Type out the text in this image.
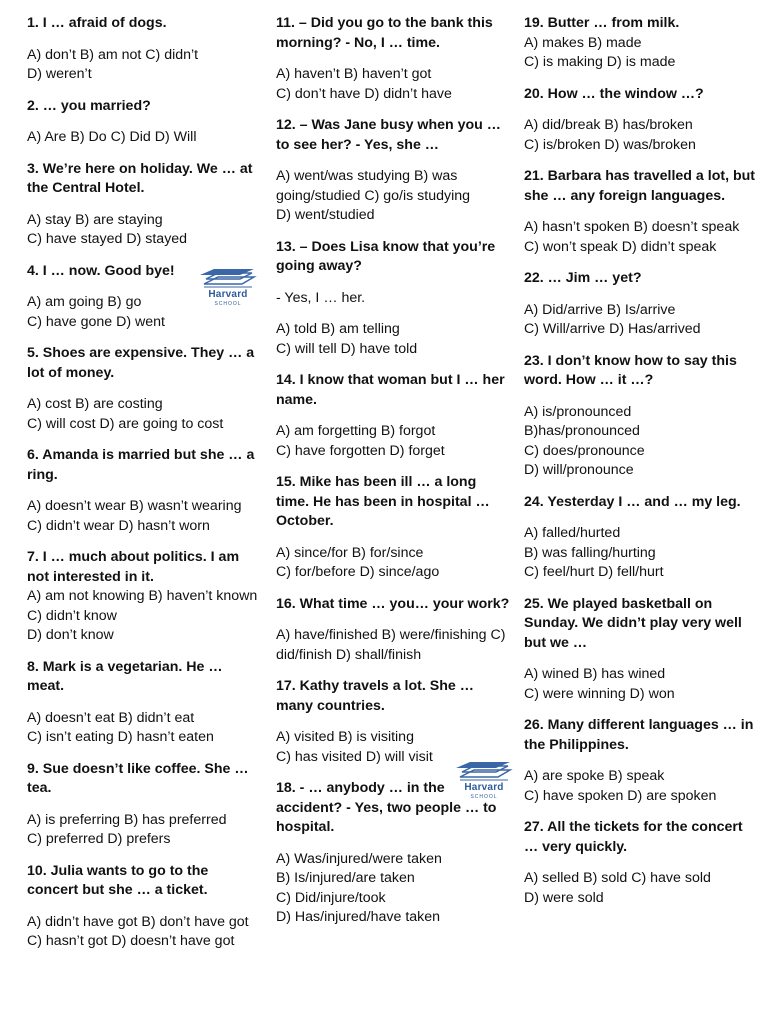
1. I … afraid of dogs.

A) don’t B) am not C) didn’t
D) weren’t

2. … you married?

A) Are B) Do C) Did D) Will

3. We’re here on holiday. We … at the Central Hotel.

A) stay B) are staying
C) have stayed D) stayed

4. I … now. Good bye!

A) am going B) go
C) have gone D) went

5. Shoes are expensive. They … a lot of money.

A) cost B) are costing
C) will cost D) are going to cost

6. Amanda is married but she … a ring.

A) doesn’t wear B) wasn’t wearing C) didn’t wear D) hasn’t worn

7. I … much about politics. I am not interested in it.

A) am not knowing B) haven’t known C) didn’t know
D) don’t know

8. Mark is a vegetarian. He … meat.

A) doesn’t eat B) didn’t eat
C) isn’t eating D) hasn’t eaten

9. Sue doesn’t like coffee. She … tea.

A) is preferring B) has preferred
C) preferred D) prefers

10. Julia wants to go to the concert but she … a ticket.

A) didn’t have got B) don’t have got C) hasn’t got D) doesn’t have got

11. – Did you go to the bank this morning? - No, I … time.

A) haven’t B) haven’t got
C) don’t have D) didn’t have

12. – Was Jane busy when you … to see her? - Yes, she …

A) went/was studying B) was going/studied C) go/is studying
D) went/studied

13. – Does Lisa know that you’re going away?

- Yes, I … her.

A) told B) am telling
C) will tell D) have told

14. I know that woman but I … her name.

A) am forgetting B) forgot
C) have forgotten D) forget

15. Mike has been ill … a long time. He has been in hospital … October.

A) since/for B) for/since
C) for/before D) since/ago

16. What time … you… your work?

A) have/finished B) were/finishing C) did/finish D) shall/finish

17. Kathy travels a lot. She … many countries.

A) visited B) is visiting
C) has visited D) will visit

18. - … anybody … in the accident? - Yes, two people … to hospital.

A) Was/injured/were taken
B) Is/injured/are taken
C) Did/injure/took
D) Has/injured/have taken

19. Butter … from milk.

A) makes B) made
C) is making D) is made

20. How … the window …?

A) did/break B) has/broken
C) is/broken D) was/broken

21. Barbara has travelled a lot, but she … any foreign languages.

A) hasn’t spoken B) doesn’t speak C) won’t speak D) didn’t speak

22. … Jim … yet?

A) Did/arrive B) Is/arrive
C) Will/arrive D) Has/arrived

23. I don’t know how to say this word. How … it …?

A) is/pronounced
B)has/pronounced
C) does/pronounce
D) will/pronounce

24. Yesterday I … and … my leg.

A) falled/hurted
B) was falling/hurting
C) feel/hurt D) fell/hurt

25. We played basketball on Sunday. We didn’t play very well but we …

A) wined B) has wined
C) were winning D) won

26. Many different languages … in the Philippines.

A) are spoke B) speak
C) have spoken D) are spoken

27. All the tickets for the concert … very quickly.

A) selled B) sold C) have sold
D) were sold

Harvard
SCHOOL
Harvard
SCHOOL
